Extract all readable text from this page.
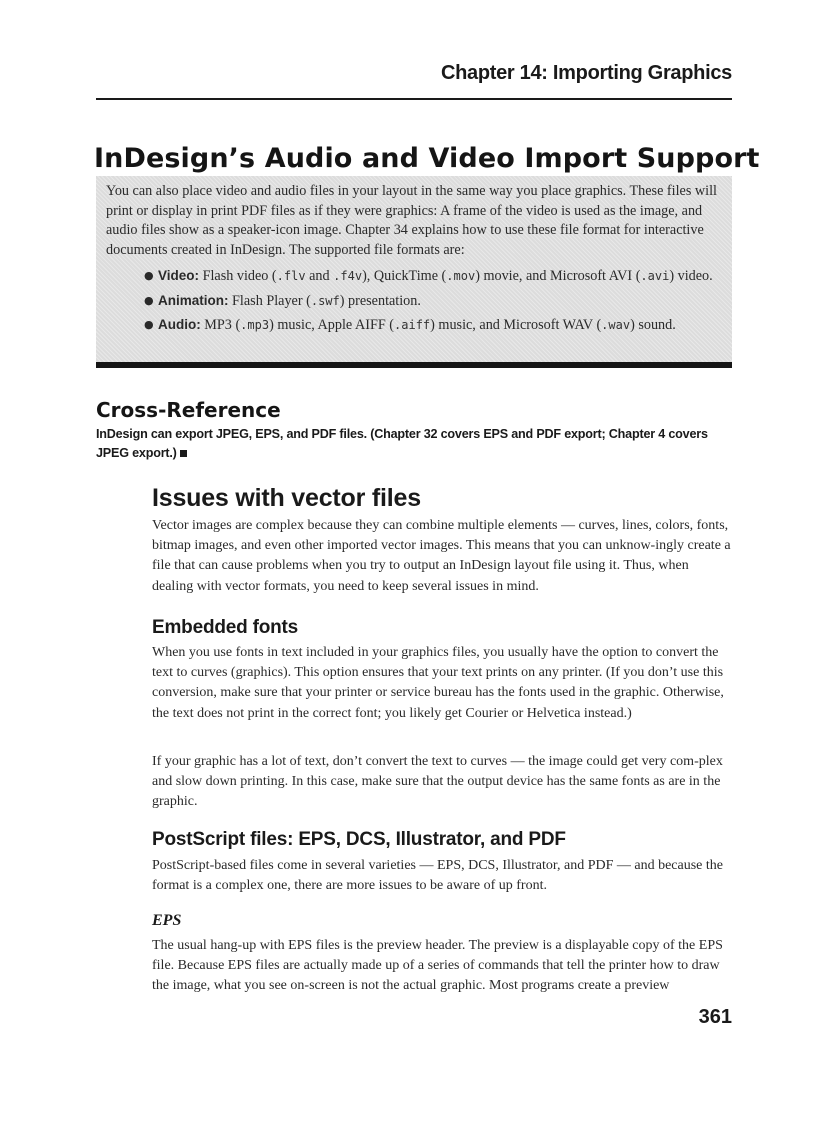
Chapter 14: Importing Graphics
InDesign’s Audio and Video Import Support

You can also place video and audio files in your layout in the same way you place graphics. These files will print or display in print PDF files as if they were graphics: A frame of the video is used as the image, and audio files show as a speaker-icon image. Chapter 34 explains how to use these file format for interactive documents created in InDesign. The supported file formats are:

● Video: Flash video (.flv and .f4v), QuickTime (.mov) movie, and Microsoft AVI (.avi) video.
● Animation: Flash Player (.swf) presentation.
● Audio: MP3 (.mp3) music, Apple AIFF (.aiff) music, and Microsoft WAV (.wav) sound.
Cross-Reference
InDesign can export JPEG, EPS, and PDF files. (Chapter 32 covers EPS and PDF export; Chapter 4 covers JPEG export.)
Issues with vector files

Vector images are complex because they can combine multiple elements — curves, lines, colors, fonts, bitmap images, and even other imported vector images. This means that you can unknow-ingly create a file that can cause problems when you try to output an InDesign layout file using it. Thus, when dealing with vector formats, you need to keep several issues in mind.

Embedded fonts

When you use fonts in text included in your graphics files, you usually have the option to convert the text to curves (graphics). This option ensures that your text prints on any printer. (If you don’t use this conversion, make sure that your printer or service bureau has the fonts used in the graphic. Otherwise, the text does not print in the correct font; you likely get Courier or Helvetica instead.)

If your graphic has a lot of text, don’t convert the text to curves — the image could get very com-plex and slow down printing. In this case, make sure that the output device has the same fonts as are in the graphic.

PostScript files: EPS, DCS, Illustrator, and PDF

PostScript-based files come in several varieties — EPS, DCS, Illustrator, and PDF — and because the format is a complex one, there are more issues to be aware of up front.

EPS

The usual hang-up with EPS files is the preview header. The preview is a displayable copy of the EPS file. Because EPS files are actually made up of a series of commands that tell the printer how to draw the image, what you see on-screen is not the actual graphic. Most programs create a preview

361
